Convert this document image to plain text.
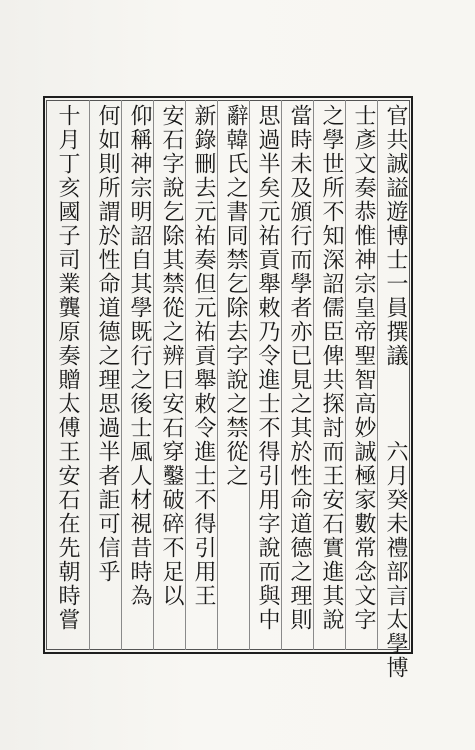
官共誠謚遊博士一員撰議
六月癸未禮部言太學博
士彥文奏恭惟神宗皇帝聖智高妙誠極家數常念文字
之學世所不知深詔儒臣俾共探討而王安石實進其說
當時未及頒行而學者亦已見之其於性命道德之理則
思過半矣元祐貢舉敕乃令進士不得引用字說而與中
辭韓氏之書同禁乞除去字說之禁從之
新錄刪去元祐奏但元祐貢舉敕令進士不得引用王
安石字說乞除其禁從之辨曰安石穿鑿破碎不足以
仰稱神宗明詔自其學既行之後士風人材視昔時為
何如則所謂於性命道德之理思過半者詎可信乎
十月丁亥國子司業龔原奏贈太傅王安石在先朝時嘗
